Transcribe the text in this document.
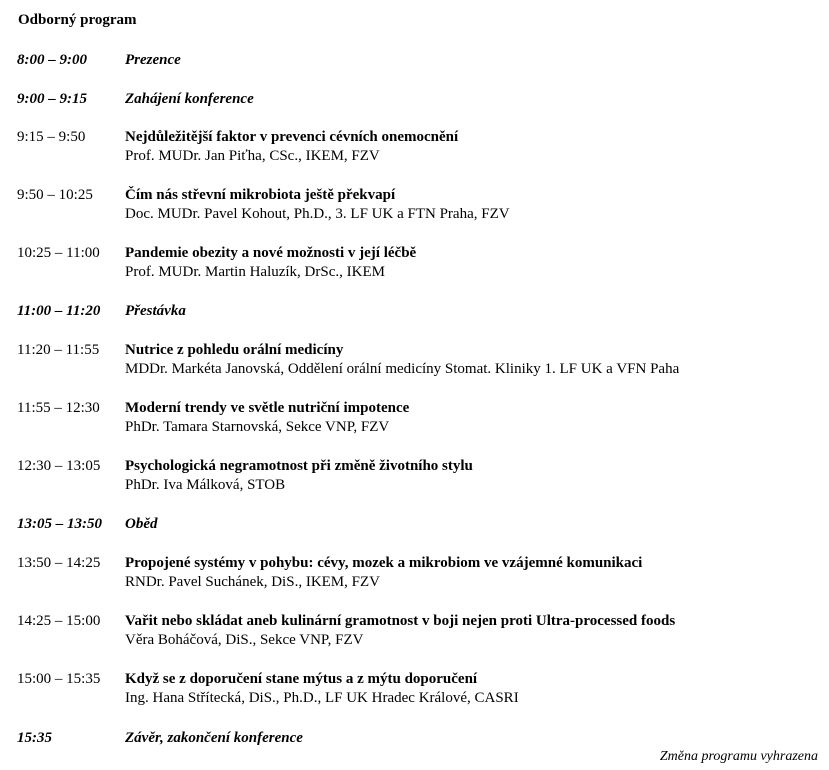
Odborný program
8:00 – 9:00	Prezence
9:00 – 9:15	Zahájení konference
9:15 – 9:50	Nejdůležitější faktor v prevenci cévních onemocnění
Prof. MUDr. Jan Piťha, CSc., IKEM, FZV
9:50 – 10:25 Čím nás střevní mikrobiota ještě překvapí
Doc. MUDr. Pavel Kohout, Ph.D., 3. LF UK a FTN Praha, FZV
10:25 – 11:00 Pandemie obezity a nové možnosti v její léčbě
Prof. MUDr. Martin Haluzík, DrSc., IKEM
11:00 – 11:20 Přestávka
11:20 – 11:55 Nutrice z pohledu orální medicíny
MDDr. Markéta Janovská, Oddělení orální medicíny Stomat. Kliniky 1. LF UK a VFN Paha
11:55 – 12:30 Moderní trendy ve světle nutriční impotence
PhDr. Tamara Starnovská, Sekce VNP, FZV
12:30 – 13:05 Psychologická negramotnost při změně životního stylu
PhDr. Iva Málková, STOB
13:05 – 13:50 Oběd
13:50 – 14:25 Propojené systémy v pohybu: cévy, mozek a mikrobiom ve vzájemné komunikaci
RNDr. Pavel Suchánek, DiS., IKEM, FZV
14:25 – 15:00 Vařit nebo skládat aneb kulinární gramotnost v boji nejen proti Ultra-processed foods
Věra Boháčová, DiS., Sekce VNP, FZV
15:00 – 15:35 Když se z doporučení stane mýtus a z mýtu doporučení
Ing. Hana Střítecká, DiS., Ph.D., LF UK Hradec Králové, CASRI
15:35	Závěr, zakončení konference
Změna programu vyhrazena
